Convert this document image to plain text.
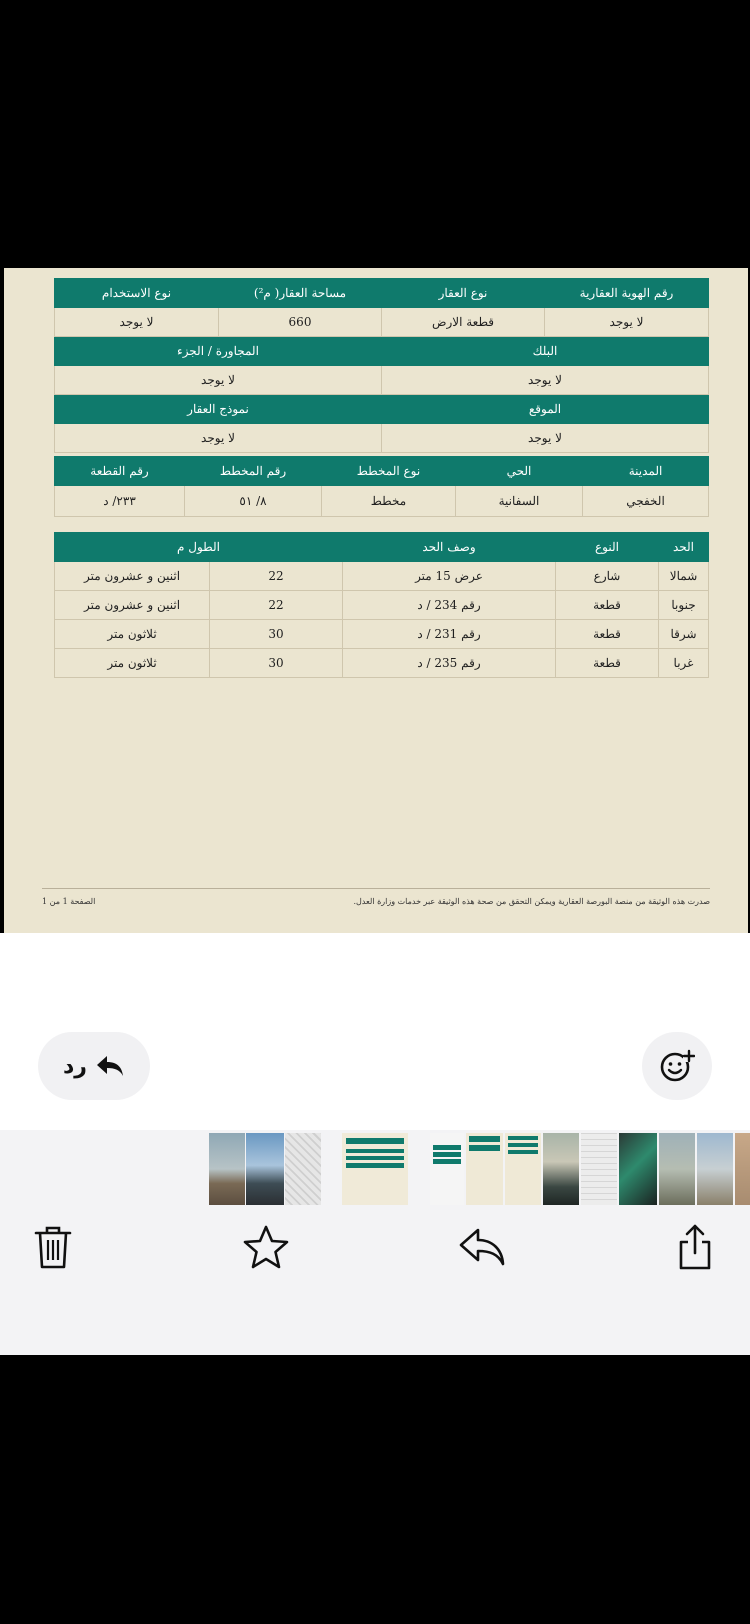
رقم الهوية العقارية	نوع العقار	مساحة العقار( م²)	نوع الاستخدام
لا يوجد	قطعة الارض	660	لا يوجد
البلك		المجاورة / الجزء	
لا يوجد		لا يوجد	
الموقع		نموذج العقار	
لا يوجد		لا يوجد	
المدينة	الحي	نوع المخطط	رقم المخطط	رقم القطعة
الخفجي	السفانية	مخطط	٨/ ٥١	٢٣٣/ د
الحد	النوع	وصف الحد	الطول م	
شمالا	شارع	عرض 15 متر	22	اثنين و عشرون متر
جنوبا	قطعة	رقم 234 / د	22	اثنين و عشرون متر
شرقا	قطعة	رقم 231 / د	30	ثلاثون متر
غربا	قطعة	رقم 235 / د	30	ثلاثون متر
صدرت هذه الوثيقة من منصة البورصة العقارية ويمكن التحقق من صحة هذه الوثيقة عبر خدمات وزارة العدل.
الصفحة 1 من 1
رد
